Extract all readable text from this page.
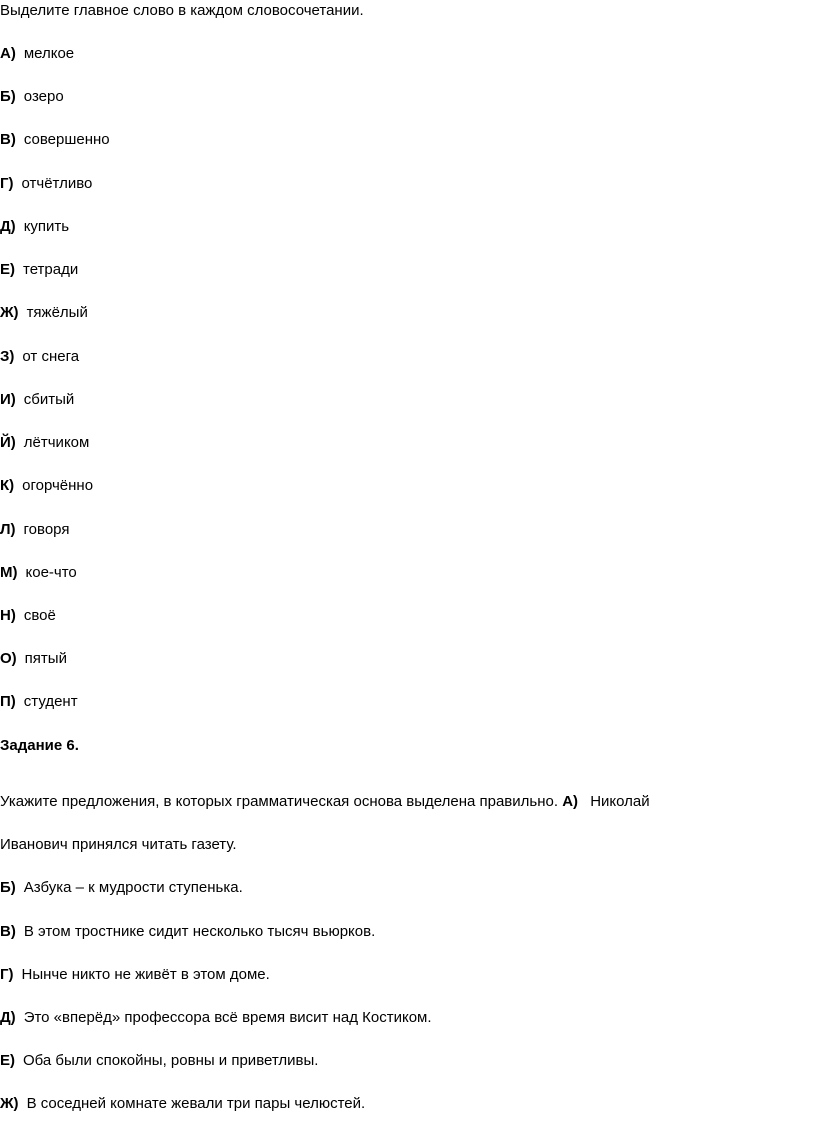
Выделите главное слово в каждом словосочетании.
А) мелкое
Б) озеро
В) совершенно
Г) отчётливо
Д) купить
Е) тетради
Ж) тяжёлый
З) от снега
И) сбитый
Й) лётчиком
К) огорчённо
Л) говоря
М) кое-что
Н) своё
О) пятый
П) студент
Задание 6.
Укажите предложения, в которых грамматическая основа выделена правильно. А) Николай
Иванович принялся читать газету.
Б) Азбука – к мудрости ступенька.
В) В этом тростнике сидит несколько тысяч вьюрков.
Г) Нынче никто не живёт в этом доме.
Д) Это «вперёд» профессора всё время висит над Костиком.
Е) Оба были спокойны, ровны и приветливы.
Ж) В соседней комнате жевали три пары челюстей.
